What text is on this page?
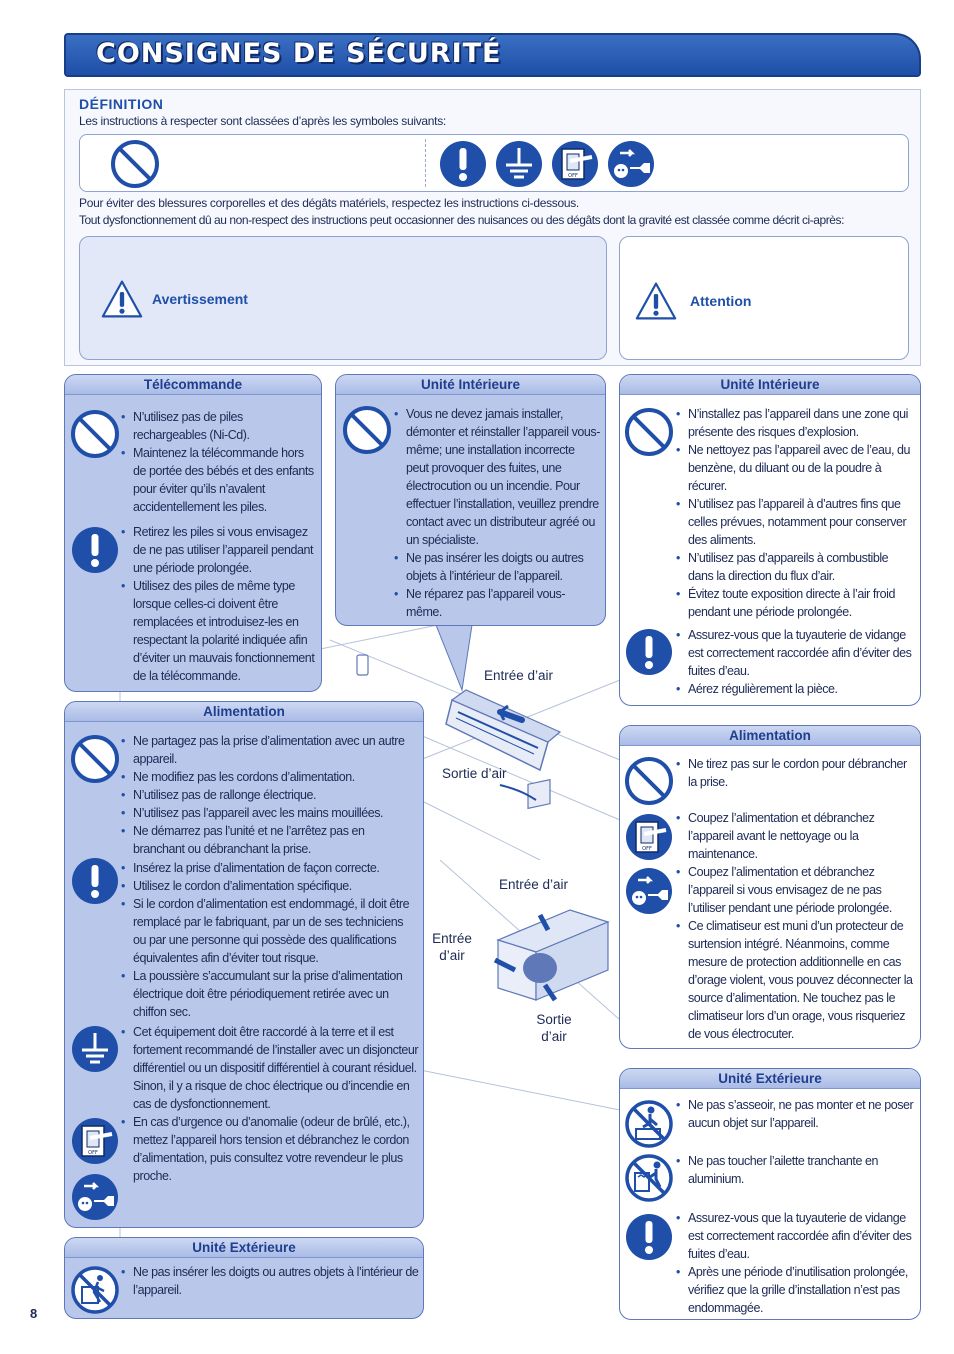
CONSIGNES DE SÉCURITÉ
DÉFINITION
Les instructions à respecter sont classées d’après les symboles suivants:
Pour éviter des blessures corporelles et des dégâts matériels, respectez les instructions ci-dessous.
Tout dysfonctionnement dû au non-respect des instructions peut occasionner des nuisances ou des dégâts dont la gravité est classée comme décrit ci-après:
Avertissement	Attention
Entrée d’air
Sortie d’air
Entrée d’air
Entrée
d’air
Sortie
d’air
Télécommande
• N’utilisez pas de piles rechargeables (Ni-Cd).
• Maintenez la télécommande hors de portée des bébés et des enfants pour éviter qu’ils n’avalent accidentellement les piles.
• Retirez les piles si vous envisagez de ne pas utiliser l’appareil pendant une période prolongée.
• Utilisez des piles de même type lorsque celles-ci doivent être remplacées et introduisez-les en respectant la polarité indiquée afin d’éviter un mauvais fonctionnement de la télécommande.
Unité Intérieure
• Vous ne devez jamais installer, démonter et réinstaller l’appareil vous-même; une installation incorrecte peut provoquer des fuites, une électrocution ou un incendie. Pour effectuer l’installation, veuillez prendre contact avec un distributeur agréé ou un spécialiste.
• Ne pas insérer les doigts ou autres objets à l’intérieur de l’appareil.
• Ne réparez pas l’appareil vous-même.
Unité Intérieure
• N’installez pas l’appareil dans une zone qui présente des risques d’explosion.
• Ne nettoyez pas l’appareil avec de l’eau, du benzène, du diluant ou de la poudre à récurer.
• N’utilisez pas l’appareil à d’autres fins que celles prévues, notamment pour conserver des aliments.
• N’utilisez pas d’appareils à combustible dans la direction du flux d’air.
• Évitez toute exposition directe à l’air froid pendant une période prolongée.
• Assurez-vous que la tuyauterie de vidange est correctement raccordée afin d’éviter des fuites d’eau.
• Aérez régulièrement la pièce.
Alimentation
• Ne partagez pas la prise d’alimentation avec un autre appareil.
• Ne modifiez pas les cordons d’alimentation.
• N’utilisez pas de rallonge électrique.
• N’utilisez pas l’appareil avec les mains mouillées.
• Ne démarrez pas l’unité et ne l’arrêtez pas en branchant ou débranchant la prise.
• Insérez la prise d’alimentation de façon correcte.
• Utilisez le cordon d’alimentation spécifique.
• Si le cordon d’alimentation est endommagé, il doit être remplacé par le fabriquant, par un de ses techniciens ou par une personne qui possède des qualifications équivalentes afin d’éviter tout risque.
• La poussière s’accumulant sur la prise d’alimentation électrique doit être périodiquement retirée avec un chiffon sec.
• Cet équipement doit être raccordé à la terre et il est fortement recommandé de l’installer avec un disjoncteur différentiel ou un dispositif différentiel à courant résiduel. Sinon, il y a risque de choc électrique ou d’incendie en cas de dysfonctionnement.
• En cas d’urgence ou d’anomalie (odeur de brûlé, etc.), mettez l’appareil hors tension et débranchez le cordon d’alimentation, puis consultez votre revendeur le plus proche.
Unité Extérieure
• Ne pas insérer les doigts ou autres objets à l’intérieur de l’appareil.
Alimentation
• Ne tirez pas sur le cordon pour débrancher la prise.
• Coupez l’alimentation et débranchez l’appareil avant le nettoyage ou la maintenance.
• Coupez l’alimentation et débranchez l’appareil si vous envisagez de ne pas l’utiliser pendant une période prolongée.
• Ce climatiseur est muni d’un protecteur de surtension intégré. Néanmoins, comme mesure de protection additionnelle en cas d’orage violent, vous pouvez déconnecter la source d’alimentation. Ne touchez pas le climatiseur lors d’un orage, vous risqueriez de vous électrocuter.
Unité Extérieure
• Ne pas s’asseoir, ne pas monter et ne poser aucun objet sur l’appareil.
• Ne pas toucher l’ailette tranchante en aluminium.
• Assurez-vous que la tuyauterie de vidange est correctement raccordée afin d’éviter des fuites d’eau.
• Après une période d’inutilisation prolongée, vérifiez que la grille d’installation n’est pas endommagée.
8
